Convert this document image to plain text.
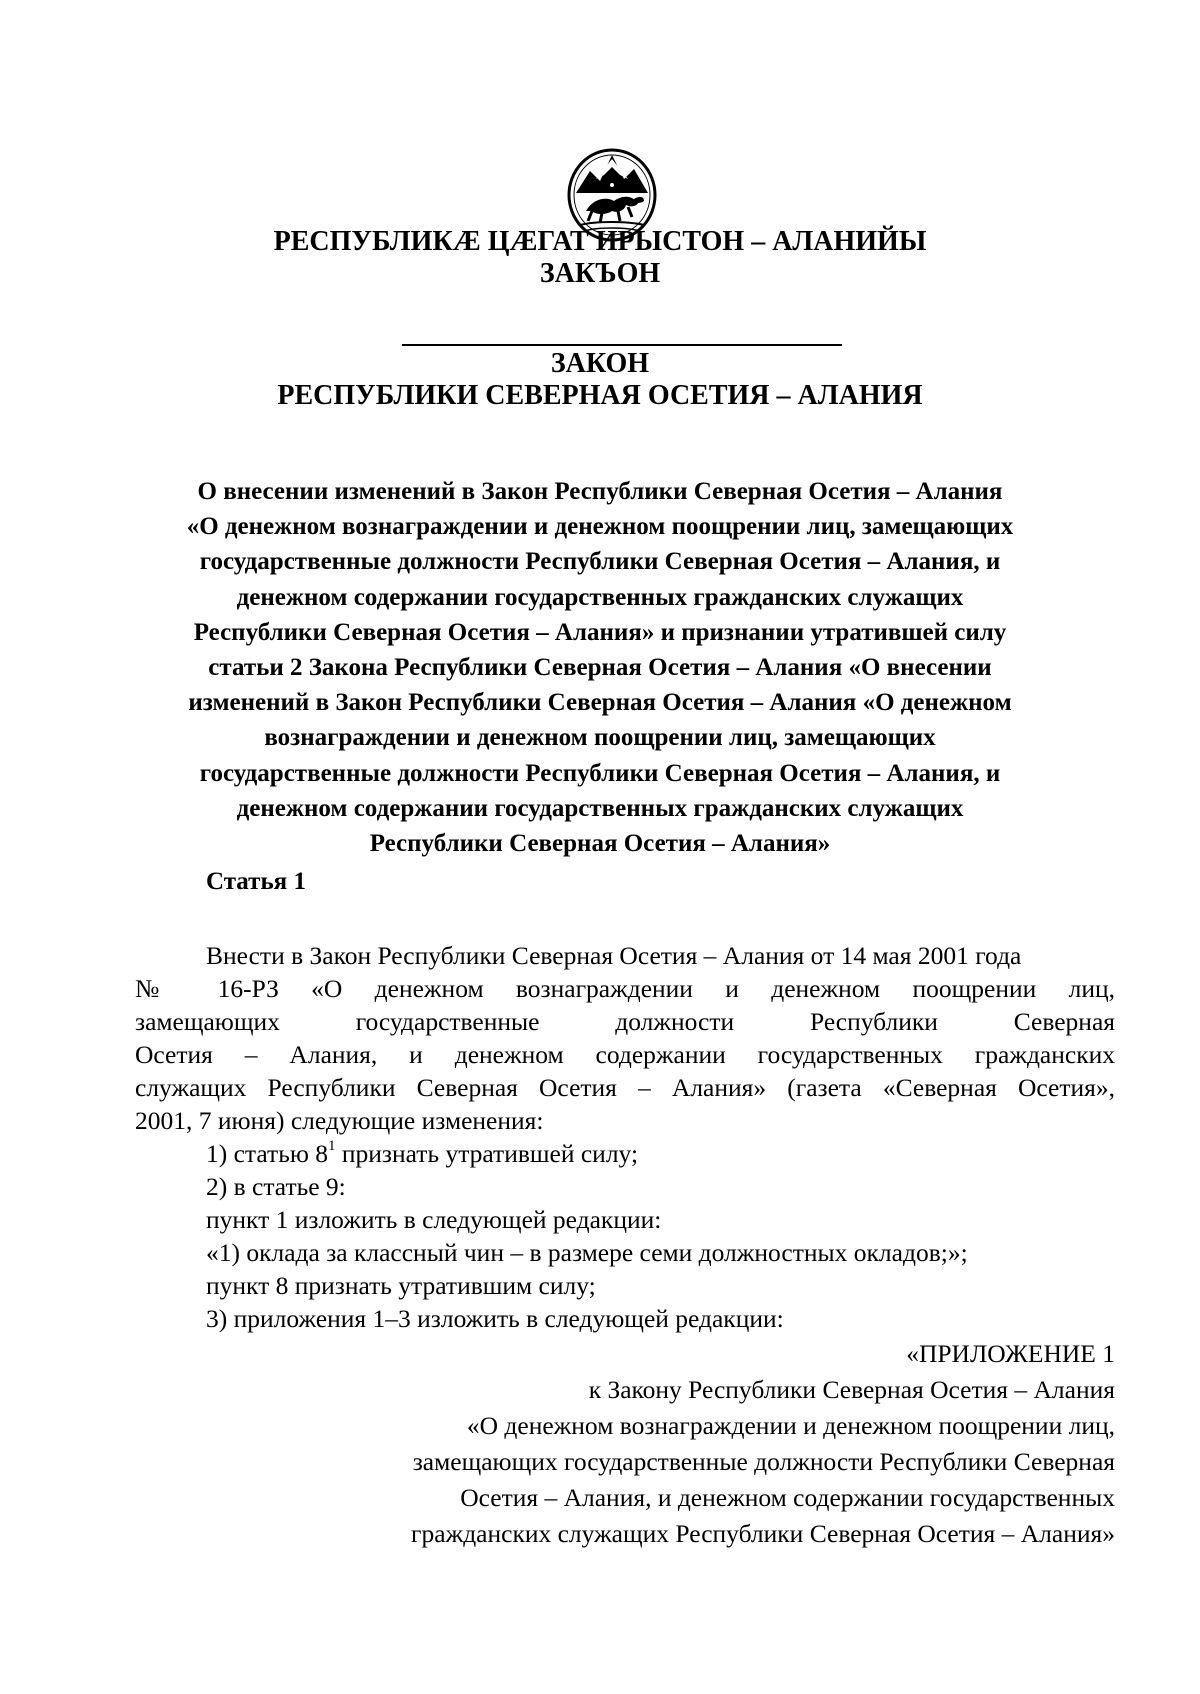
РЕСПУБЛИКӔ ЦӔГАТ ИРЫСТОН – АЛАНИЙЫ
ЗАКЪОН
ЗАКОН
РЕСПУБЛИКИ СЕВЕРНАЯ ОСЕТИЯ – АЛАНИЯ
О внесении изменений в Закон Республики Северная Осетия – Алания
«О денежном вознаграждении и денежном поощрении лиц, замещающих
государственные должности Республики Северная Осетия – Алания, и
денежном содержании государственных гражданских служащих
Республики Северная Осетия – Алания» и признании утратившей силу
статьи 2 Закона Республики Северная Осетия – Алания «О внесении
изменений в Закон Республики Северная Осетия – Алания «О денежном
вознаграждении и денежном поощрении лиц, замещающих
государственные должности Республики Северная Осетия – Алания, и
денежном содержании государственных гражданских служащих
Республики Северная Осетия – Алания»
Статья 1
Внести в Закон Республики Северная Осетия – Алания от 14 мая 2001 года
№ 16-РЗ «О денежном вознаграждении и денежном поощрении лиц,
замещающих государственные должности Республики Северная
Осетия – Алания, и денежном содержании государственных гражданских
служащих Республики Северная Осетия – Алания» (газета «Северная Осетия»,
2001, 7 июня) следующие изменения:
1) статью $8^1$ признать утратившей силу;
2) в статье 9:
пункт 1 изложить в следующей редакции:
«1) оклада за классный чин – в размере семи должностных окладов;»;
пункт 8 признать утратившим силу;
3) приложения 1–3 изложить в следующей редакции:
«ПРИЛОЖЕНИЕ 1
к Закону Республики Северная Осетия – Алания
«О денежном вознаграждении и денежном поощрении лиц,
замещающих государственные должности Республики Северная
Осетия – Алания, и денежном содержании государственных
гражданских служащих Республики Северная Осетия – Алания»
